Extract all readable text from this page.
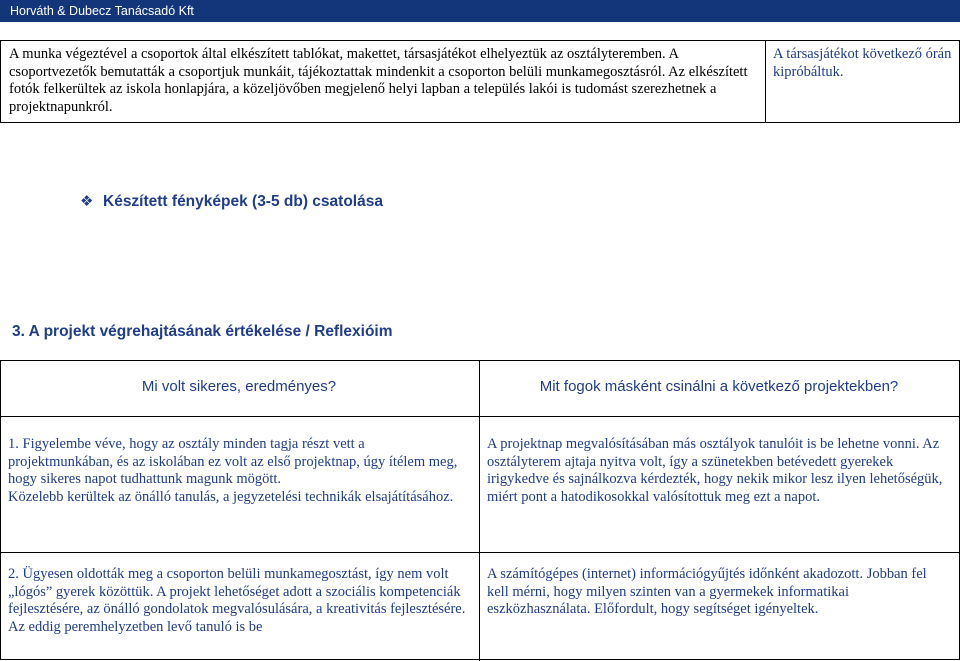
Horváth & Dubecz Tanácsadó Kft

A munka végeztével a csoportok által elkészített tablókat, makettet, társasjátékot elhelyeztük az osztályteremben. A csoportvezetők bemutatták a csoportjuk munkáit, tájékoztattak mindenkit a csoporton belüli munkamegosztásról. Az elkészített fotók felkerültek az iskola honlapjára, a közeljövőben megjelenő helyi lapban a település lakói is tudomást szerezhetnek a projektnapunkról.

A társasjátékot következő órán kipróbáltuk.

❖ Készített fényképek (3-5 db) csatolása
3. A projekt végrehajtásának értékelése / Reflexióim
Mi volt sikeres, eredményes?	Mit fogok másként csinálni a következő projektekben?

1. Figyelembe véve, hogy az osztály minden tagja részt vett a projektmunkában, és az iskolában ez volt az első projektnap, úgy ítélem meg, hogy sikeres napot tudhattunk magunk mögött.

Közelebb kerültek az önálló tanulás, a jegyzetelési technikák elsajátításához.

A projektnap megvalósításában más osztályok tanulóit is be lehetne vonni. Az osztályterem ajtaja nyitva volt, így a szünetekben betévedett gyerekek irigykedve és sajnálkozva kérdezték, hogy nekik mikor lesz ilyen lehetőségük, miért pont a hatodikosokkal valósítottuk meg ezt a napot.

2. Ügyesen oldották meg a csoporton belüli munkamegosztást, így nem volt „lógós” gyerek közöttük. A projekt lehetőséget adott a szociális kompetenciák fejlesztésére, az önálló gondolatok megvalósulására, a kreativitás fejlesztésére. Az eddig peremhelyzetben levő tanuló is be

A számítógépes (internet) információgyűjtés időnként akadozott. Jobban fel kell mérni, hogy milyen szinten van a gyermekek informatikai eszközhasználata. Előfordult, hogy segítséget igényeltek.
